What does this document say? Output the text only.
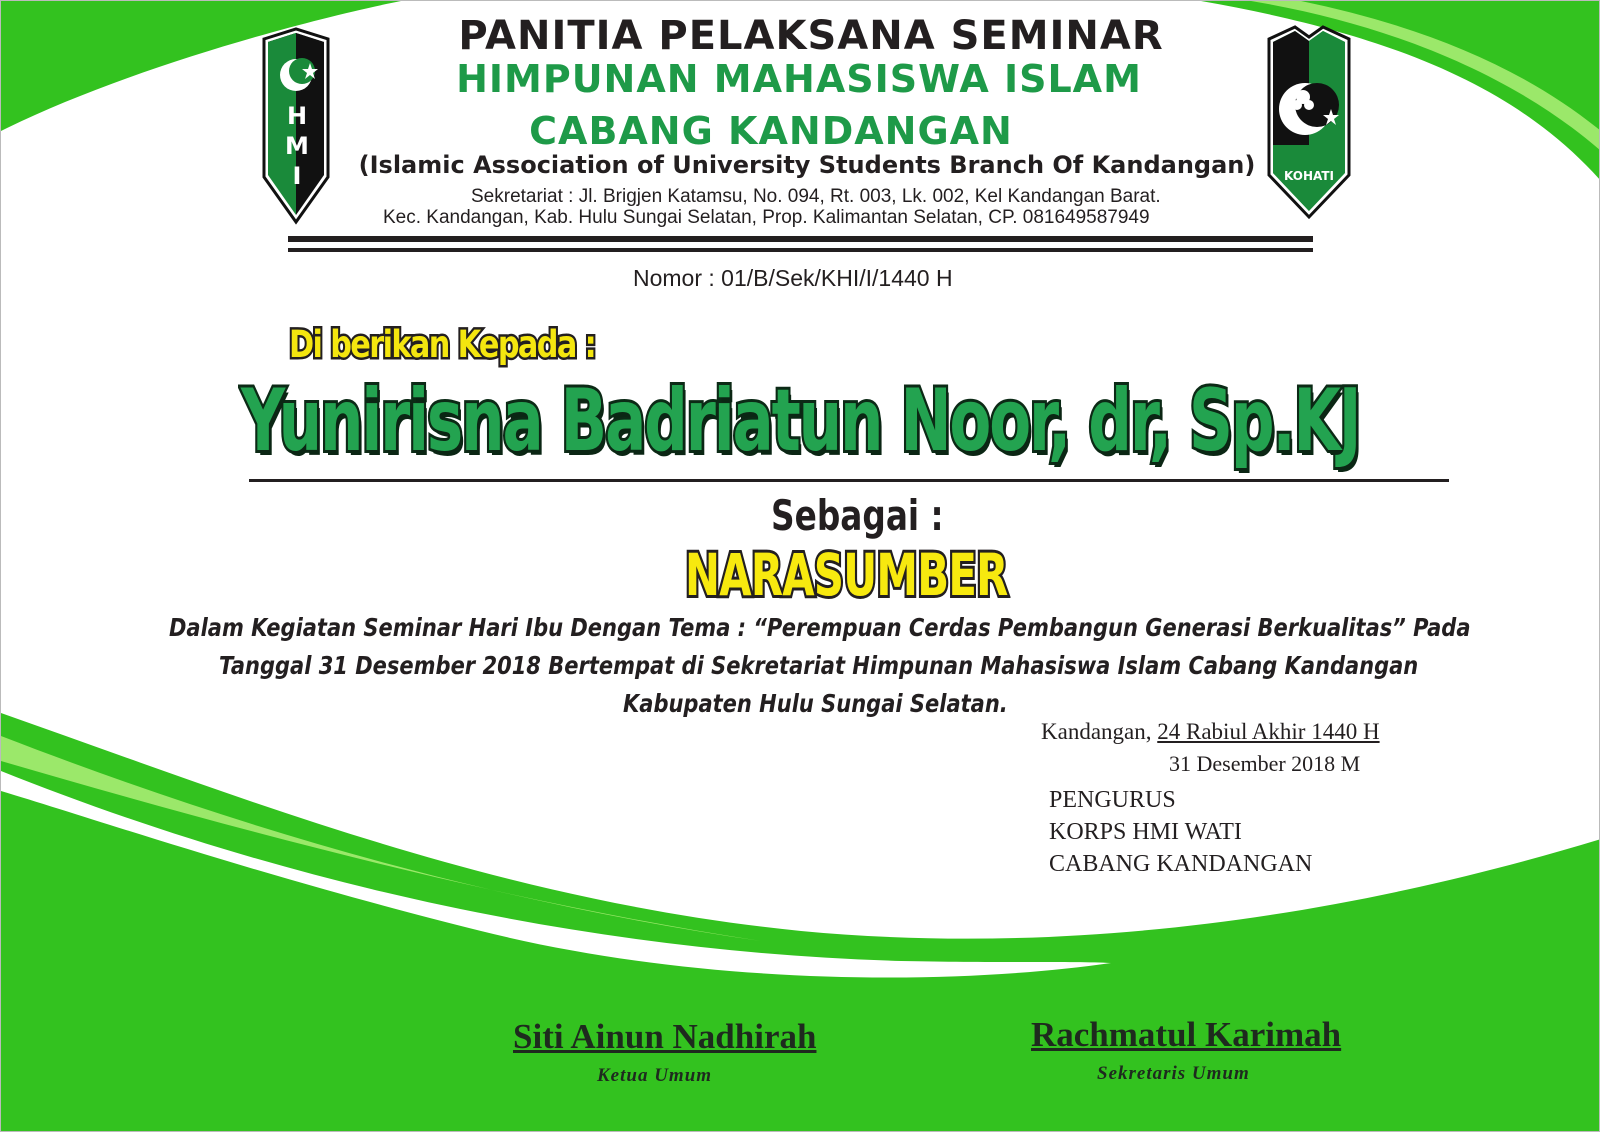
H
M
I	KOHATI
PANITIA PELAKSANA SEMINAR
HIMPUNAN MAHASISWA ISLAM
CABANG KANDANGAN
(Islamic Association of University Students Branch Of Kandangan)
Sekretariat : Jl. Brigjen Katamsu, No. 094, Rt. 003, Lk. 002, Kel Kandangan Barat.
Kec. Kandangan, Kab. Hulu Sungai Selatan, Prop. Kalimantan Selatan, CP. 081649587949
Nomor : 01/B/Sek/KHI/I/1440 H
Di berikan Kepada :
Yunirisna Badriatun Noor, dr, Sp.KJ
Sebagai :
NARASUMBER
Dalam Kegiatan Seminar Hari Ibu Dengan Tema : “Perempuan Cerdas Pembangun Generasi Berkualitas” Pada
Tanggal 31 Desember 2018 Bertempat di Sekretariat Himpunan Mahasiswa Islam Cabang Kandangan
Kabupaten Hulu Sungai Selatan.
Kandangan, 24 Rabiul Akhir 1440 H
31 Desember 2018 M
PENGURUS
KORPS HMI WATI
CABANG KANDANGAN
Siti Ainun Nadhirah
Ketua Umum
Rachmatul Karimah
Sekretaris Umum
